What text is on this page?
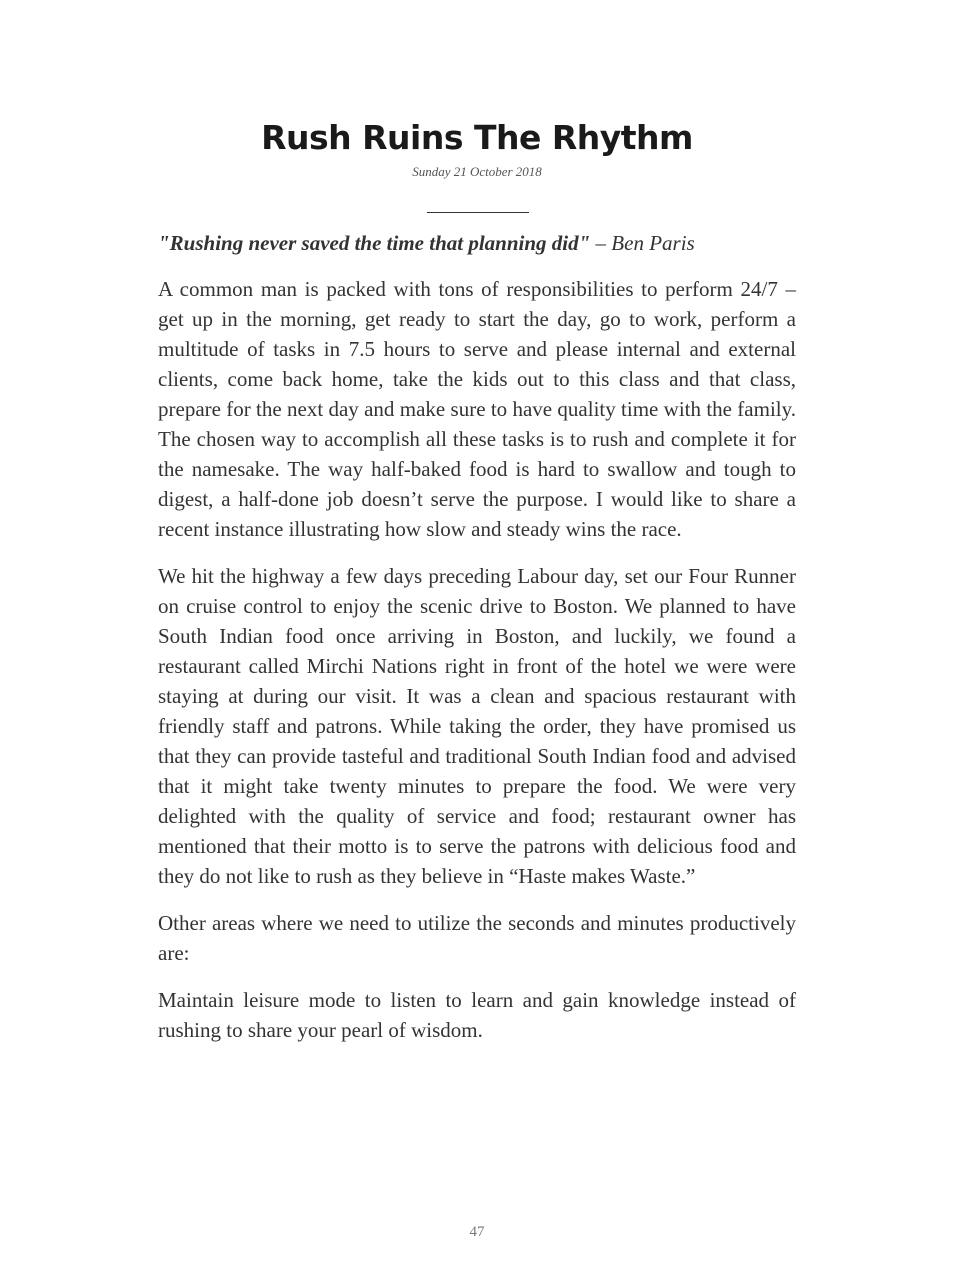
Rush Ruins The Rhythm
Sunday 21 October 2018

"Rushing never saved the time that planning did" – Ben Paris

A common man is packed with tons of responsibilities to perform 24/7 – get up in the morning, get ready to start the day, go to work, perform a multitude of tasks in 7.5 hours to serve and please internal and external clients, come back home, take the kids out to this class and that class, prepare for the next day and make sure to have quality time with the family. The chosen way to accomplish all these tasks is to rush and complete it for the namesake. The way half-baked food is hard to swallow and tough to digest, a half-done job doesn’t serve the purpose. I would like to share a recent instance illustrating how slow and steady wins the race.

We hit the highway a few days preceding Labour day, set our Four Runner on cruise control to enjoy the scenic drive to Boston. We planned to have South Indian food once arriving in Boston, and luckily, we found a restaurant called Mirchi Nations right in front of the hotel we were were staying at during our visit. It was a clean and spacious restaurant with friendly staff and patrons. While taking the order, they have promised us that they can provide tasteful and traditional South Indian food and advised that it might take twenty minutes to prepare the food. We were very delighted with the quality of service and food; restaurant owner has mentioned that their motto is to serve the patrons with delicious food and they do not like to rush as they believe in “Haste makes Waste.”

Other areas where we need to utilize the seconds and minutes productively are:

Maintain leisure mode to listen to learn and gain knowledge instead of rushing to share your pearl of wisdom.

47
